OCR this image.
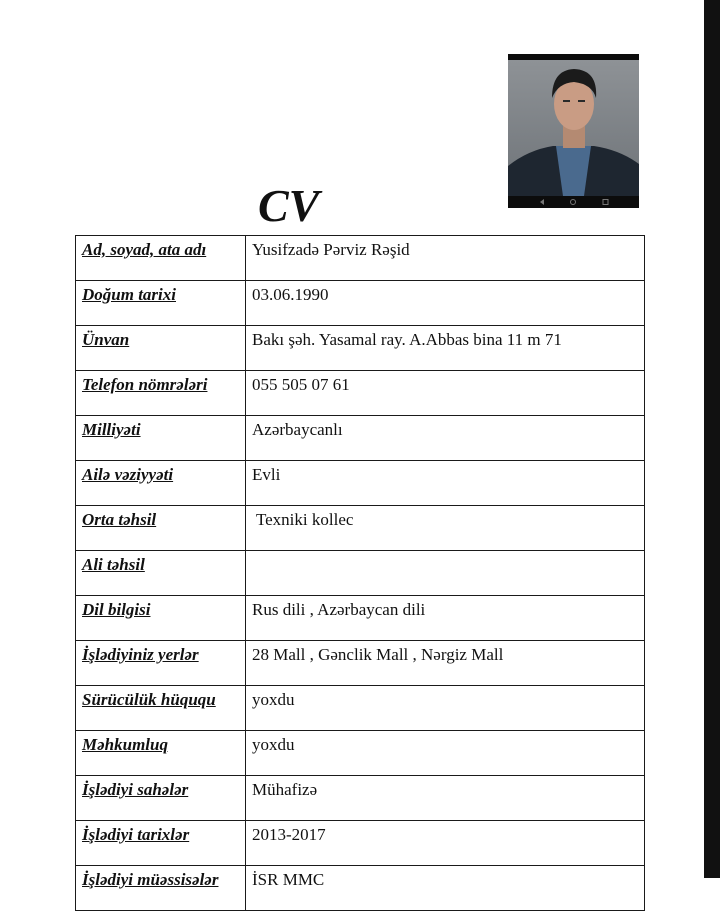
CV
Ad, soyad, ata adı	Yusifzadə Pərviz Rəşid
Doğum tarixi	03.06.1990
Ünvan	Bakı şəh. Yasamal ray. A.Abbas bina 11 m 71
Telefon nömrələri	055 505 07 61
Milliyəti	Azərbaycanlı
Ailə vəziyyəti	Evli
Orta təhsil	Texniki kollec
Ali təhsil	
Dil bilgisi	Rus dili , Azərbaycan dili
İşlədiyiniz yerlər	28 Mall , Gənclik Mall , Nərgiz Mall
Sürücülük hüququ	yoxdu
Məhkumluq	yoxdu
İşlədiyi sahələr	Mühafizə
İşlədiyi tarixlər	2013-2017
İşlədiyi müəssisələr	İSR MMC
